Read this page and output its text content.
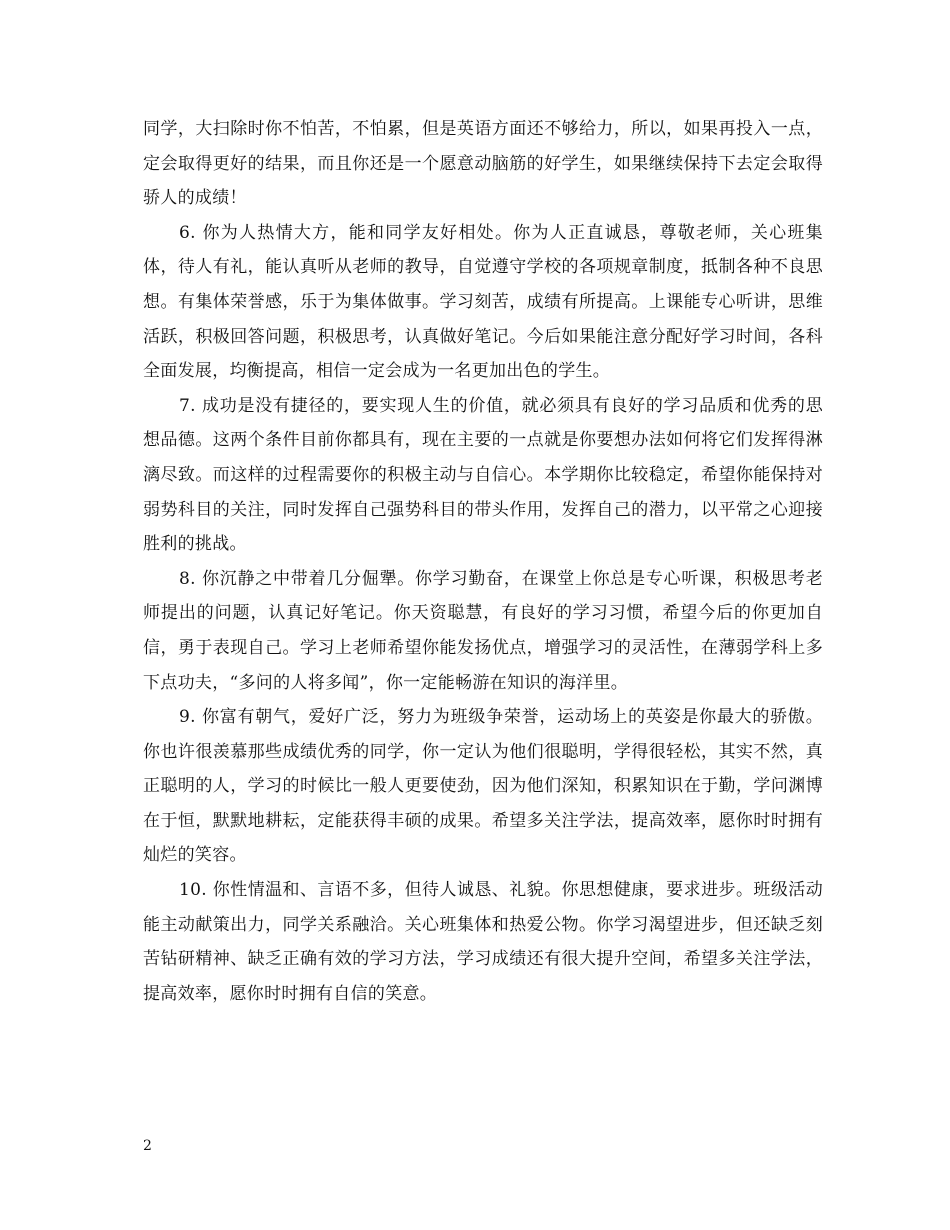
同学，大扫除时你不怕苦，不怕累，但是英语方面还不够给力，所以，如果再投入一点，定会取得更好的结果，而且你还是一个愿意动脑筋的好学生，如果继续保持下去定会取得骄人的成绩！

6. 你为人热情大方，能和同学友好相处。你为人正直诚恳，尊敬老师，关心班集体，待人有礼，能认真听从老师的教导，自觉遵守学校的各项规章制度，抵制各种不良思想。有集体荣誉感，乐于为集体做事。学习刻苦，成绩有所提高。上课能专心听讲，思维活跃，积极回答问题，积极思考，认真做好笔记。今后如果能注意分配好学习时间，各科全面发展，均衡提高，相信一定会成为一名更加出色的学生。

7. 成功是没有捷径的，要实现人生的价值，就必须具有良好的学习品质和优秀的思想品德。这两个条件目前你都具有，现在主要的一点就是你要想办法如何将它们发挥得淋漓尽致。而这样的过程需要你的积极主动与自信心。本学期你比较稳定，希望你能保持对弱势科目的关注，同时发挥自己强势科目的带头作用，发挥自己的潜力，以平常之心迎接胜利的挑战。

8. 你沉静之中带着几分倔犟。你学习勤奋，在课堂上你总是专心听课，积极思考老师提出的问题，认真记好笔记。你天资聪慧，有良好的学习习惯，希望今后的你更加自信，勇于表现自己。学习上老师希望你能发扬优点，增强学习的灵活性，在薄弱学科上多下点功夫，“多问的人将多闻”，你一定能畅游在知识的海洋里。

9. 你富有朝气，爱好广泛，努力为班级争荣誉，运动场上的英姿是你最大的骄傲。你也许很羡慕那些成绩优秀的同学，你一定认为他们很聪明，学得很轻松，其实不然，真正聪明的人，学习的时候比一般人更要使劲，因为他们深知，积累知识在于勤，学问渊博在于恒，默默地耕耘，定能获得丰硕的成果。希望多关注学法，提高效率，愿你时时拥有灿烂的笑容。

10. 你性情温和、言语不多，但待人诚恳、礼貌。你思想健康，要求进步。班级活动能主动献策出力，同学关系融洽。关心班集体和热爱公物。你学习渴望进步，但还缺乏刻苦钻研精神、缺乏正确有效的学习方法，学习成绩还有很大提升空间，希望多关注学法，提高效率，愿你时时拥有自信的笑意。

2
